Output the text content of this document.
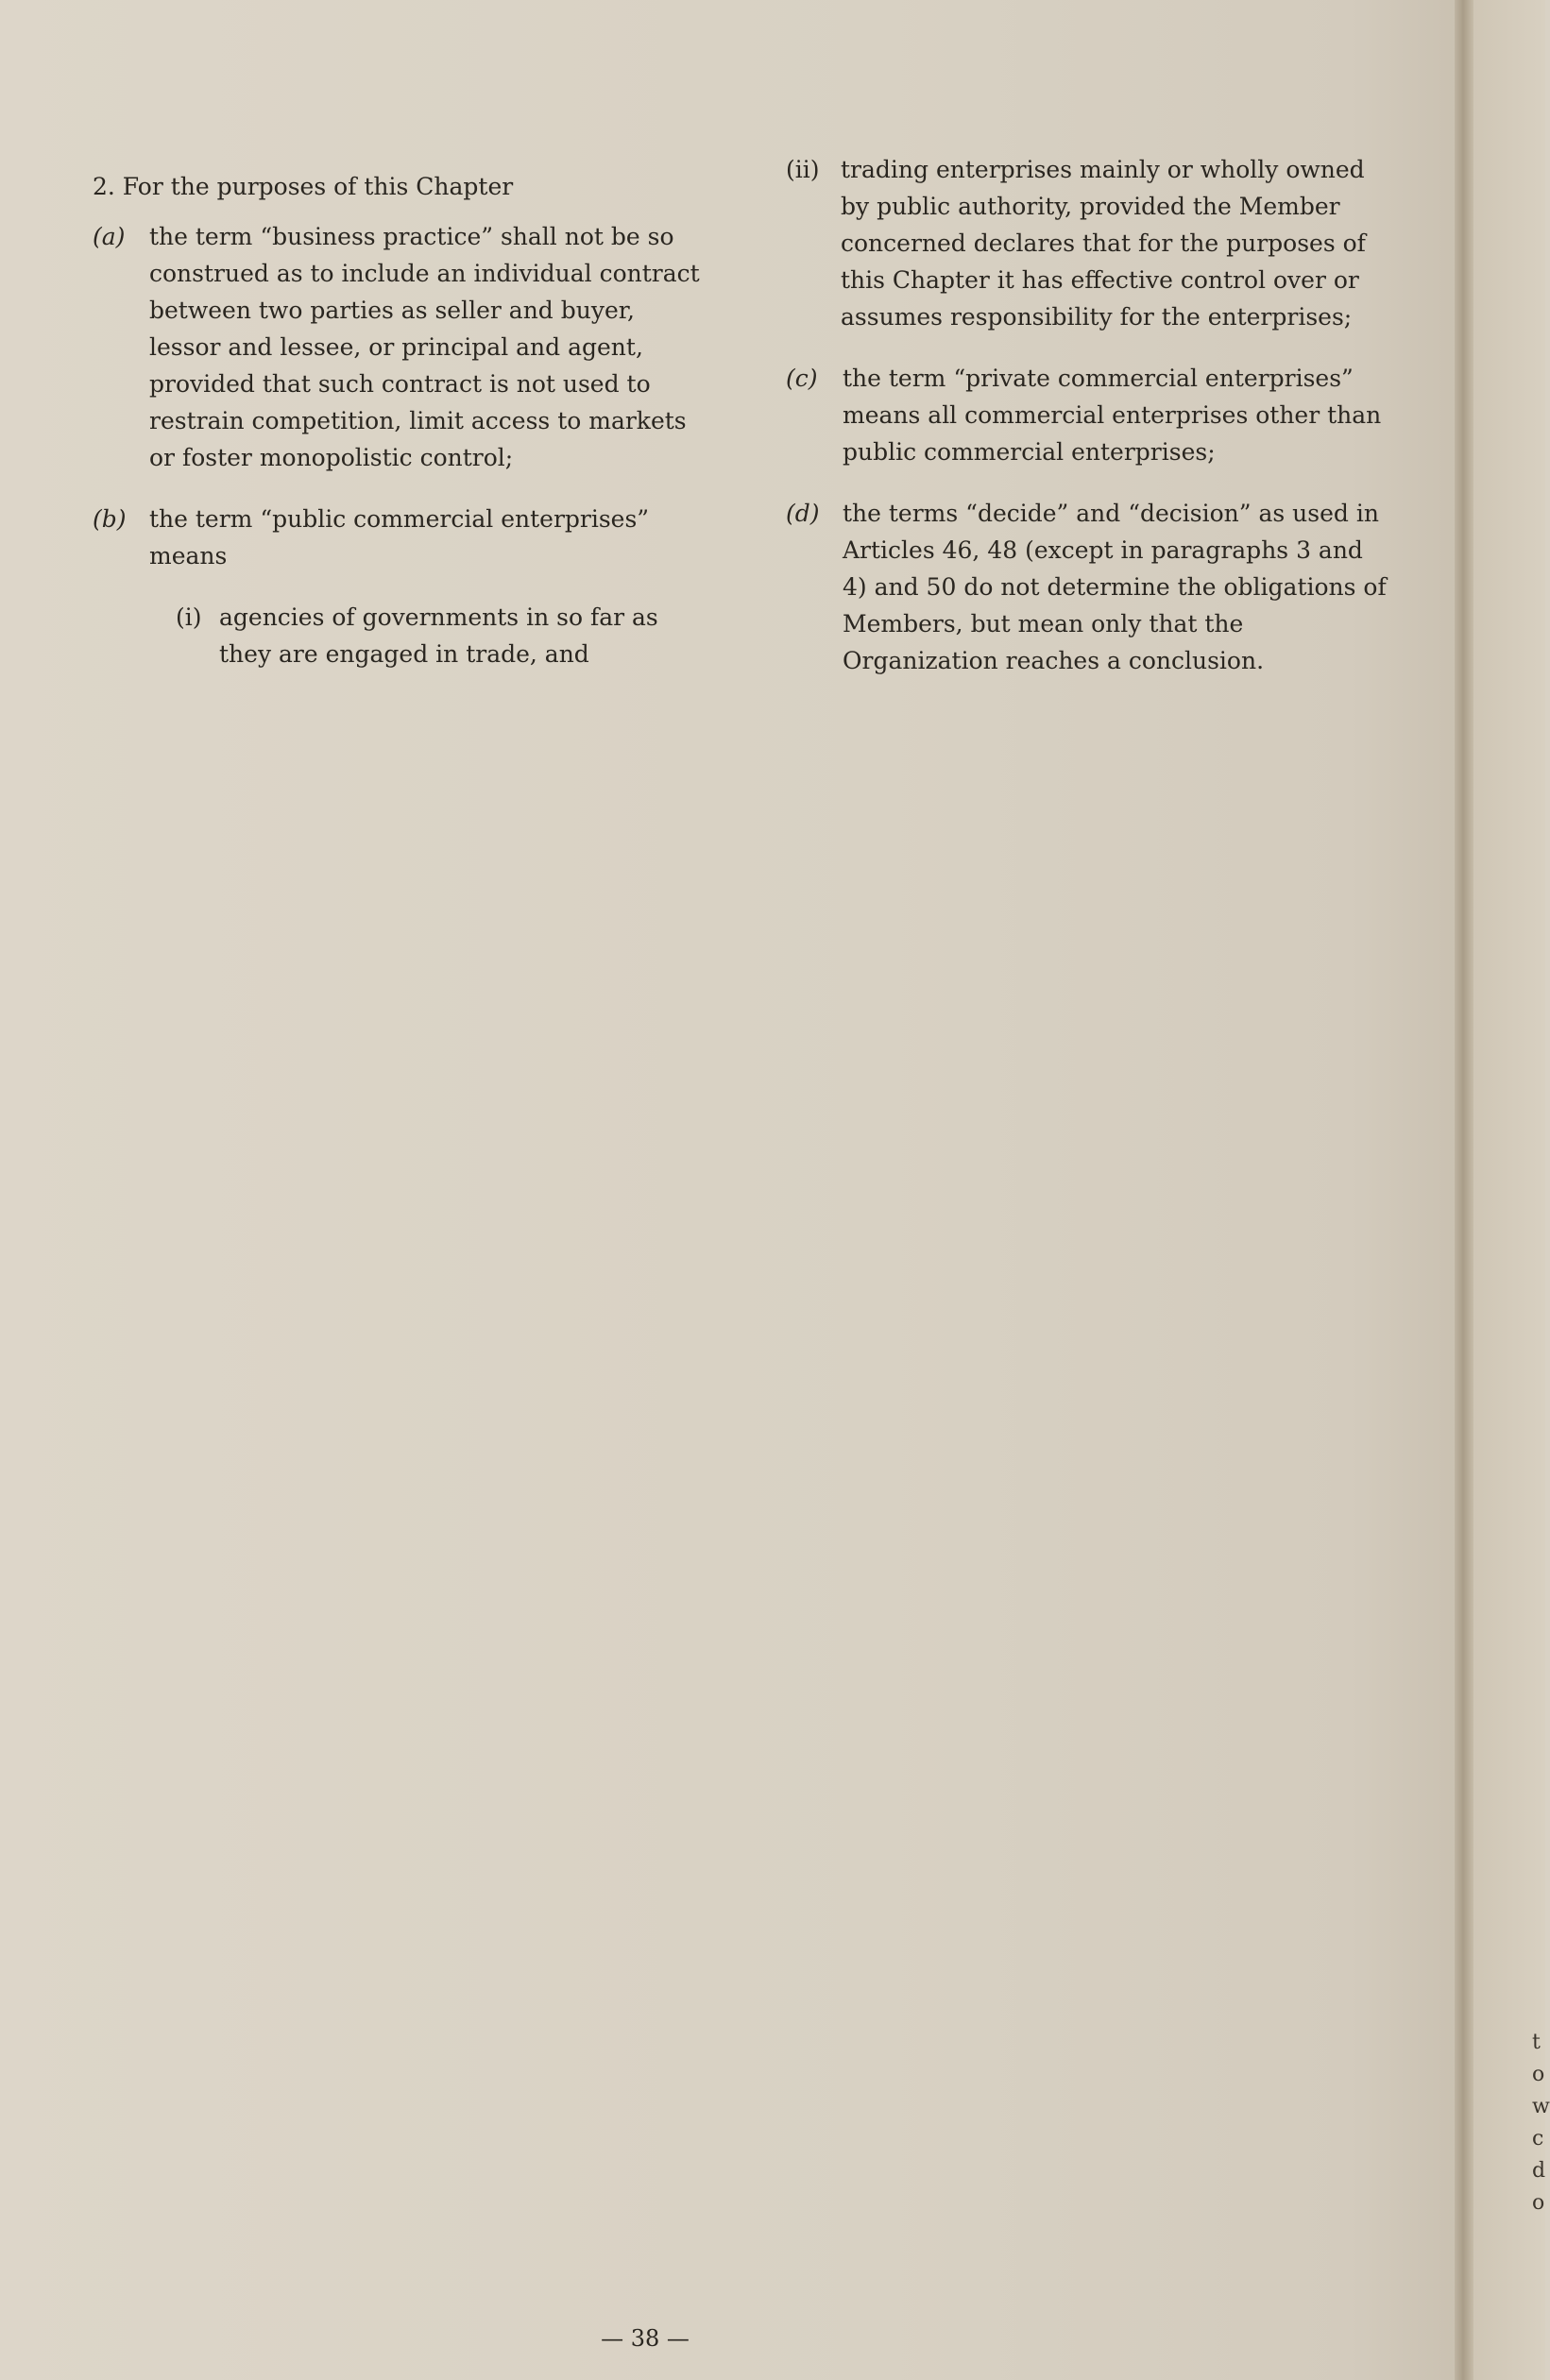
t
o
w
c
d
o

2. For the purposes of this Chapter

(a)	the term “business practice” shall not be so construed as to include an individual contract between two parties as seller and buyer, lessor and lessee, or principal and agent, provided that such contract is not used to restrain competition, limit access to markets or foster monopolistic control;
(b) the term “public commercial enterprises” means
(i) agencies of governments in so far as they are engaged in trade, and
(ii) trading enterprises mainly or wholly owned by public authority, provided the Member concerned declares that for the purposes of this Chapter it has effective control over or assumes responsibility for the enterprises;
(c)	the term “private commercial enterprises” means all commercial enterprises other than public commercial enterprises;
(d) the terms “decide” and “decision” as used in Articles 46, 48 (except in paragraphs 3 and 4) and 50 do not determine the obligations of Members, but mean only that the Organization reaches a conclusion.
— 38 —
